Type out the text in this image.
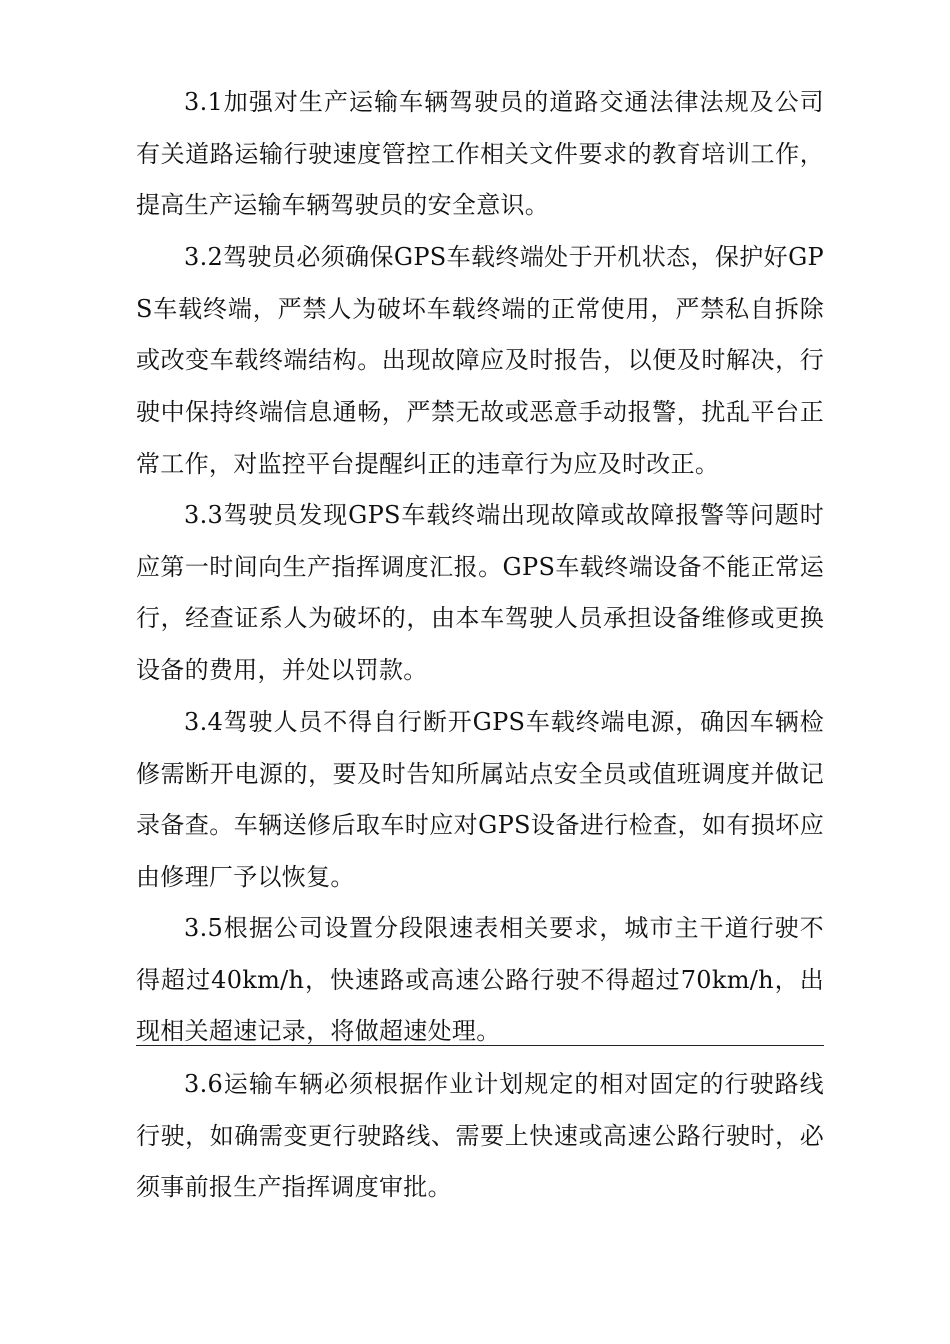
3.1加强对生产运输车辆驾驶员的道路交通法律法规及公司有关道路运输行驶速度管控工作相关文件要求的教育培训工作，提高生产运输车辆驾驶员的安全意识。

3.2驾驶员必须确保GPS车载终端处于开机状态，保护好GPS车载终端，严禁人为破坏车载终端的正常使用，严禁私自拆除或改变车载终端结构。出现故障应及时报告，以便及时解决，行驶中保持终端信息通畅，严禁无故或恶意手动报警，扰乱平台正常工作，对监控平台提醒纠正的违章行为应及时改正。

3.3驾驶员发现GPS车载终端出现故障或故障报警等问题时应第一时间向生产指挥调度汇报。GPS车载终端设备不能正常运行，经查证系人为破坏的，由本车驾驶人员承担设备维修或更换设备的费用，并处以罚款。

3.4驾驶人员不得自行断开GPS车载终端电源，确因车辆检修需断开电源的，要及时告知所属站点安全员或值班调度并做记录备查。车辆送修后取车时应对GPS设备进行检查，如有损坏应由修理厂予以恢复。

3.5根据公司设置分段限速表相关要求，城市主干道行驶不得超过40km/h，快速路或高速公路行驶不得超过70km/h，出现相关超速记录，将做超速处理。

3.6运输车辆必须根据作业计划规定的相对固定的行驶路线行驶，如确需变更行驶路线、需要上快速或高速公路行驶时，必须事前报生产指挥调度审批。
